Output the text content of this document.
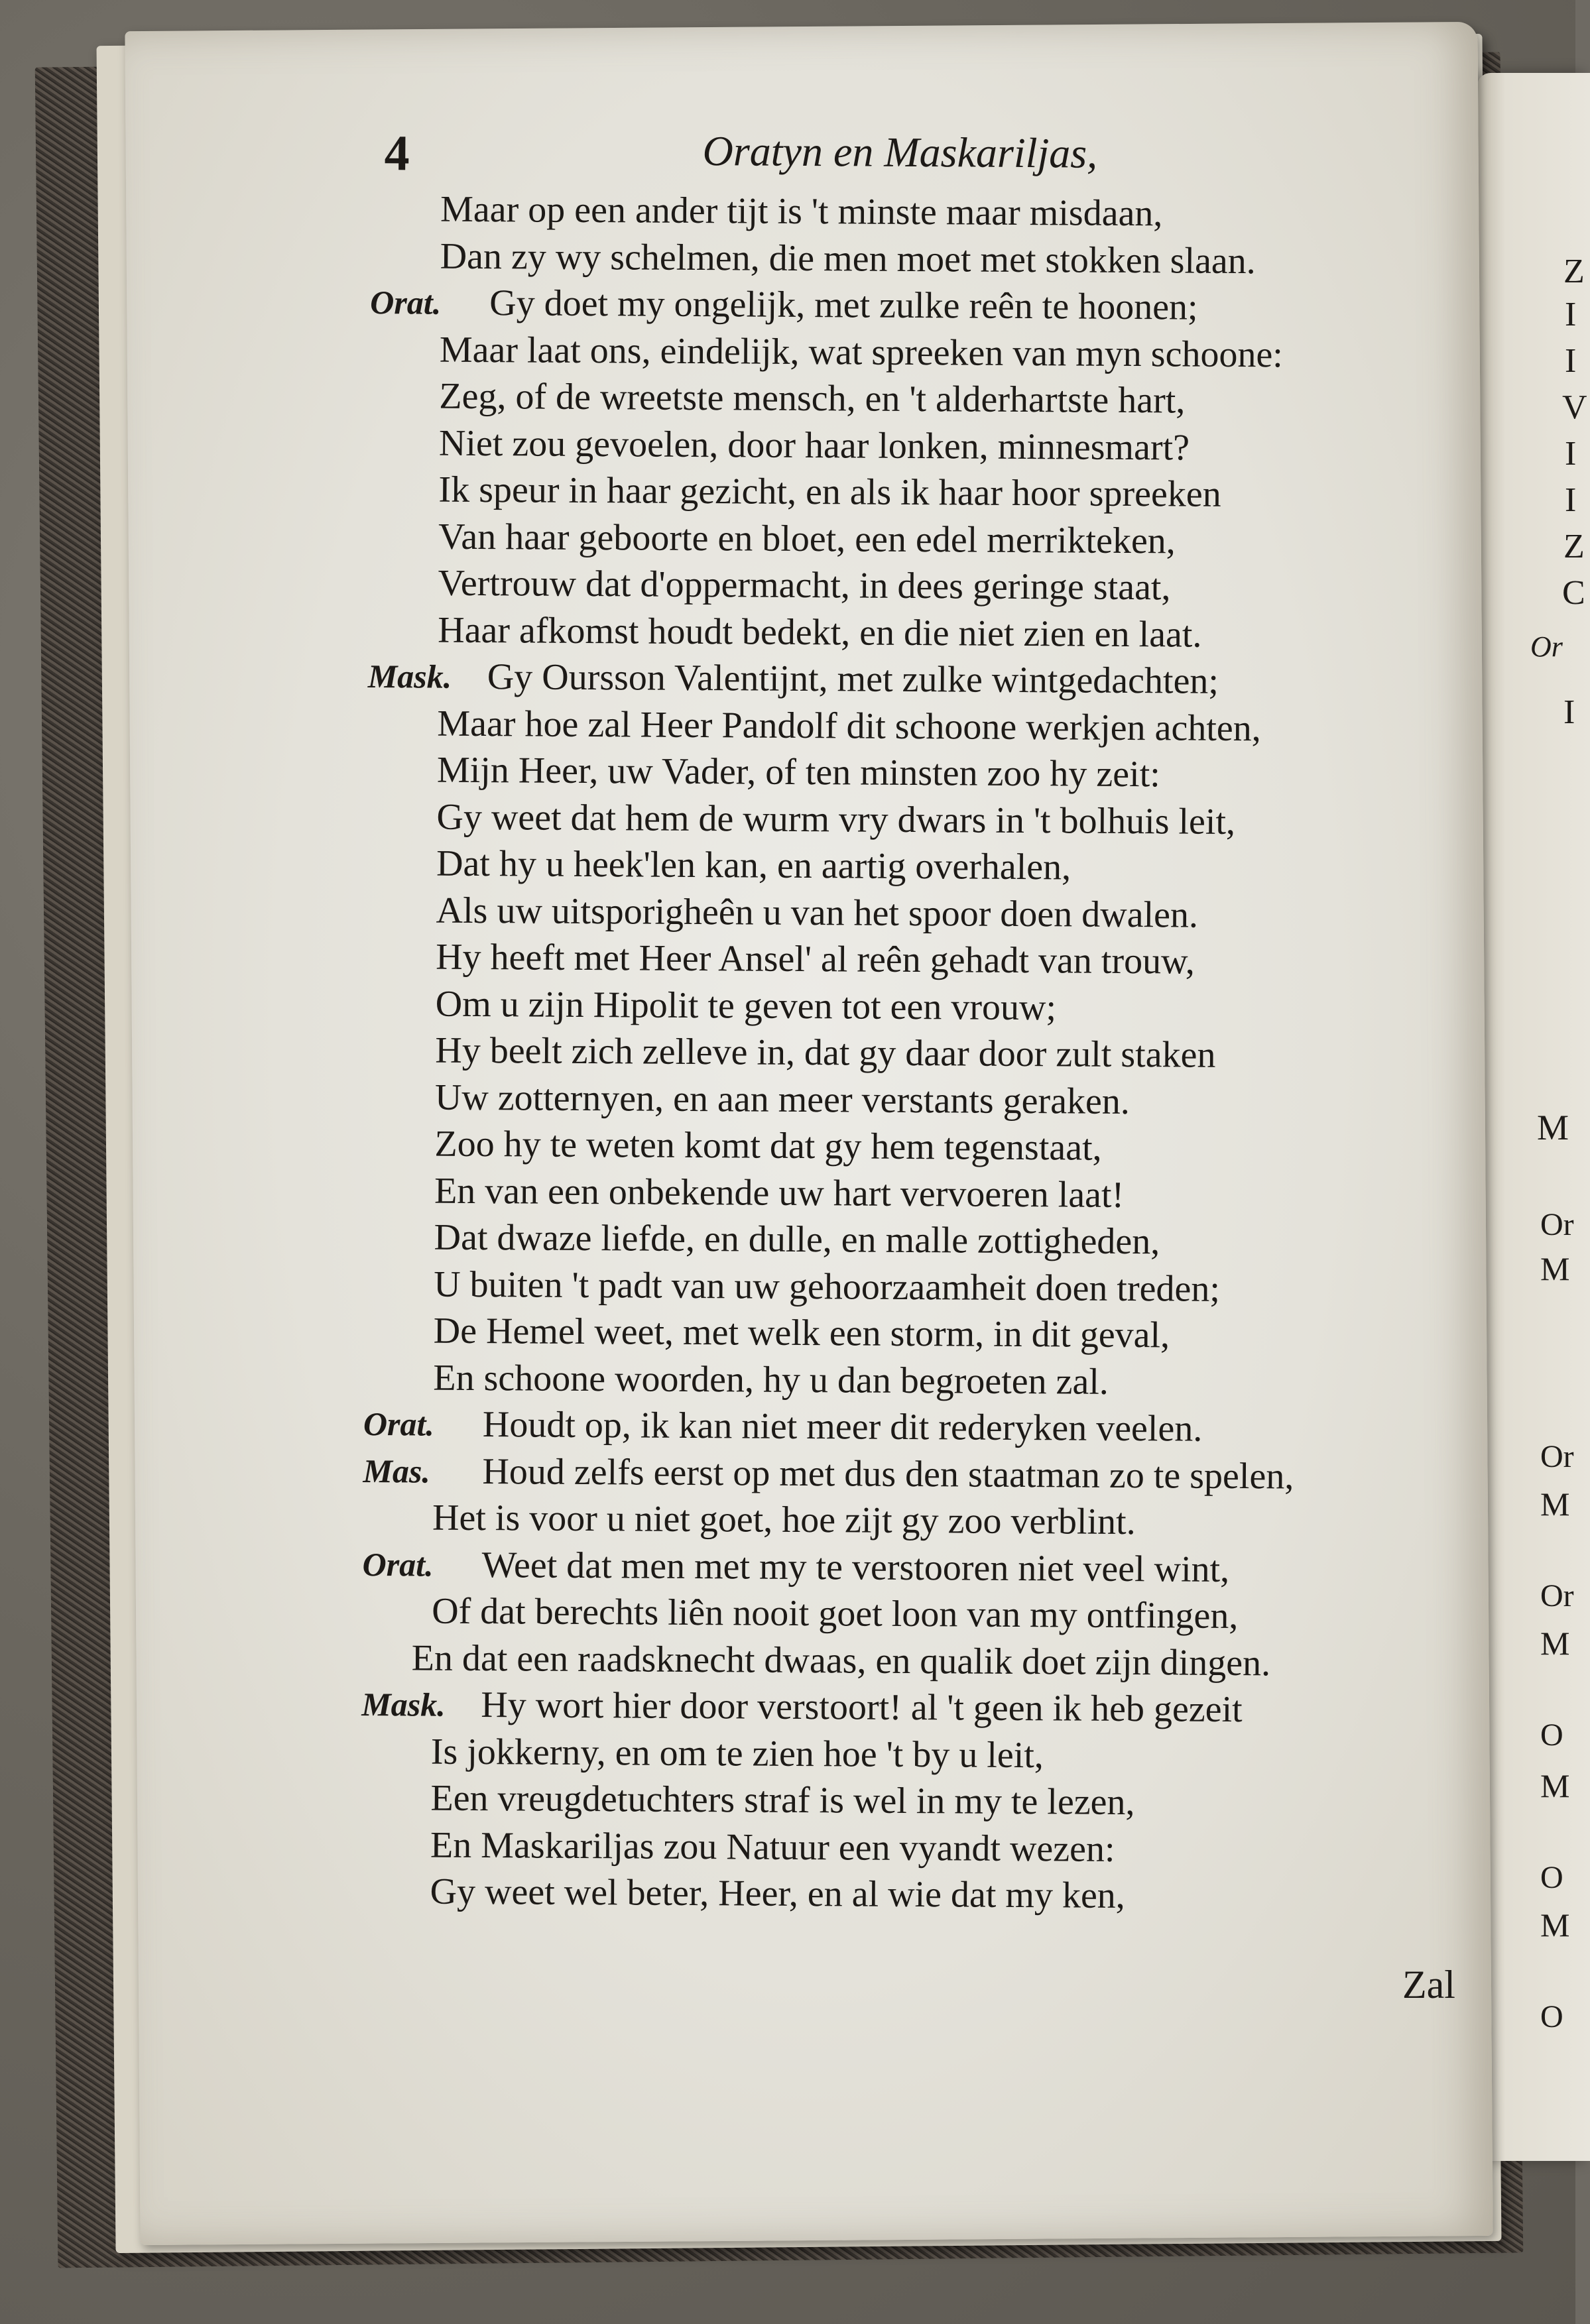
Z
I
I
V
I
I
Z
C
Or
I
M
Or
M
Or
M
Or
M
O
M
O
M
O
4	Oratyn en Maskariljas,
Maar op een ander tijt is 't minste maar misdaan,
Dan zy wy schelmen, die men moet met stokken slaan.
Orat. Gy doet my ongelijk, met zulke reên te hoonen;
Maar laat ons, eindelijk, wat spreeken van myn schoone:
Zeg, of de wreetste mensch, en 't alderhartste hart,
Niet zou gevoelen, door haar lonken, minnesmart?
Ik speur in haar gezicht, en als ik haar hoor spreeken
Van haar geboorte en bloet, een edel merrikteken,
Vertrouw dat d'oppermacht, in dees geringe staat,
Haar afkomst houdt bedekt, en die niet zien en laat.
Mask. Gy Oursson Valentijnt, met zulke wintgedachten;
Maar hoe zal Heer Pandolf dit schoone werkjen achten,
Mijn Heer, uw Vader, of ten minsten zoo hy zeit:
Gy weet dat hem de wurm vry dwars in 't bolhuis leit,
Dat hy u heek'len kan, en aartig overhalen,
Als uw uitsporigheên u van het spoor doen dwalen.
Hy heeft met Heer Ansel' al reên gehadt van trouw,
Om u zijn Hipolit te geven tot een vrouw;
Hy beelt zich zelleve in, dat gy daar door zult staken
Uw zotternyen, en aan meer verstants geraken.
Zoo hy te weten komt dat gy hem tegenstaat,
En van een onbekende uw hart vervoeren laat!
Dat dwaze liefde, en dulle, en malle zottigheden,
U buiten 't padt van uw gehoorzaamheit doen treden;
De Hemel weet, met welk een storm, in dit geval,
En schoone woorden, hy u dan begroeten zal.
Orat. Houdt op, ik kan niet meer dit rederyken veelen.
Mas. Houd zelfs eerst op met dus den staatman zo te spelen,
Het is voor u niet goet, hoe zijt gy zoo verblint.
Orat. Weet dat men met my te verstooren niet veel wint,
Of dat berechts liên nooit goet loon van my ontfingen,
En dat een raadsknecht dwaas, en qualik doet zijn dingen.
Mask. Hy wort hier door verstoort! al 't geen ik heb gezeit
Is jokkerny, en om te zien hoe 't by u leit,
Een vreugdetuchters straf is wel in my te lezen,
En Maskariljas zou Natuur een vyandt wezen:
Gy weet wel beter, Heer, en al wie dat my ken,
Zal
